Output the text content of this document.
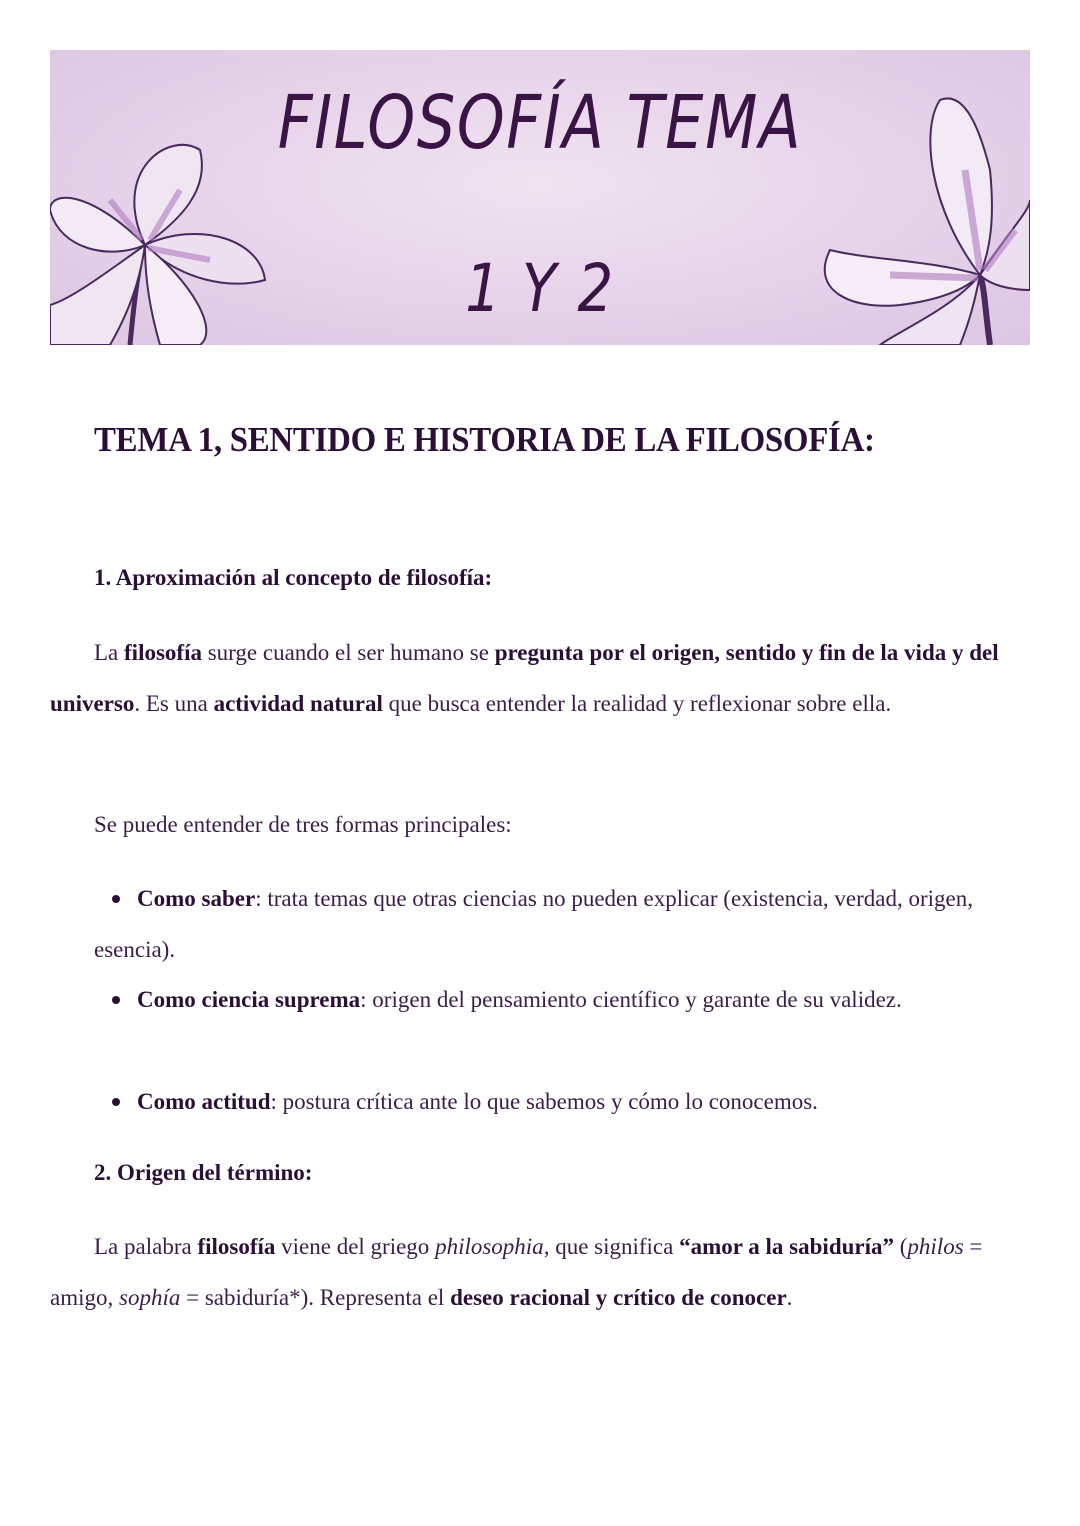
FILOSOFÍA TEMA
1 Y 2
TEMA 1, SENTIDO E HISTORIA DE LA FILOSOFÍA:
1. Aproximación al concepto de filosofía:
La filosofía surge cuando el ser humano se pregunta por el origen, sentido y fin de la vida y del universo. Es una actividad natural que busca entender la realidad y reflexionar sobre ella.
Se puede entender de tres formas principales:
Como saber: trata temas que otras ciencias no pueden explicar (existencia, verdad, origen, esencia).
Como ciencia suprema: origen del pensamiento científico y garante de su validez.
Como actitud: postura crítica ante lo que sabemos y cómo lo conocemos.
2. Origen del término:
La palabra filosofía viene del griego philosophia, que significa “amor a la sabiduría” (philos = amigo, sophía = sabiduría*). Representa el deseo racional y crítico de conocer.
